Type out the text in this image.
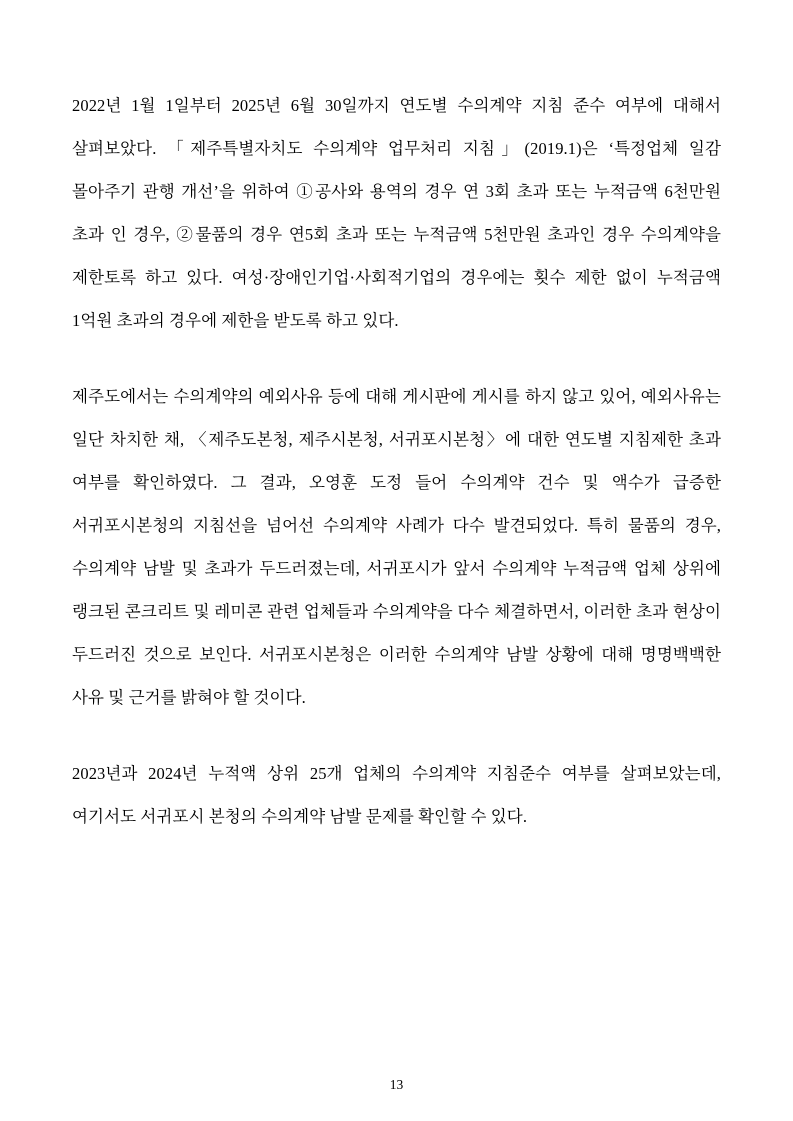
2022년 1월 1일부터 2025년 6월 30일까지 연도별 수의계약 지침 준수 여부에 대해서 살펴보았다. 「제주특별자치도 수의계약 업무처리 지침」(2019.1)은 ‘특정업체 일감 몰아주기 관행 개선’을 위하여 ①공사와 용역의 경우 연 3회 초과 또는 누적금액 6천만원 초과 인 경우, ②물품의 경우 연5회 초과 또는 누적금액 5천만원 초과인 경우 수의계약을 제한토록 하고 있다. 여성·장애인기업·사회적기업의 경우에는 횟수 제한 없이 누적금액 1억원 초과의 경우에 제한을 받도록 하고 있다.

제주도에서는 수의계약의 예외사유 등에 대해 게시판에 게시를 하지 않고 있어, 예외사유는 일단 차치한 채, 〈제주도본청, 제주시본청, 서귀포시본청〉에 대한 연도별 지침제한 초과 여부를 확인하였다. 그 결과, 오영훈 도정 들어 수의계약 건수 및 액수가 급증한 서귀포시본청의 지침선을 넘어선 수의계약 사례가 다수 발견되었다. 특히 물품의 경우, 수의계약 남발 및 초과가 두드러졌는데, 서귀포시가 앞서 수의계약 누적금액 업체 상위에 랭크된 콘크리트 및 레미콘 관련 업체들과 수의계약을 다수 체결하면서, 이러한 초과 현상이 두드러진 것으로 보인다. 서귀포시본청은 이러한 수의계약 남발 상황에 대해 명명백백한 사유 및 근거를 밝혀야 할 것이다.

2023년과 2024년 누적액 상위 25개 업체의 수의계약 지침준수 여부를 살펴보았는데, 여기서도 서귀포시 본청의 수의계약 남발 문제를 확인할 수 있다.

13
